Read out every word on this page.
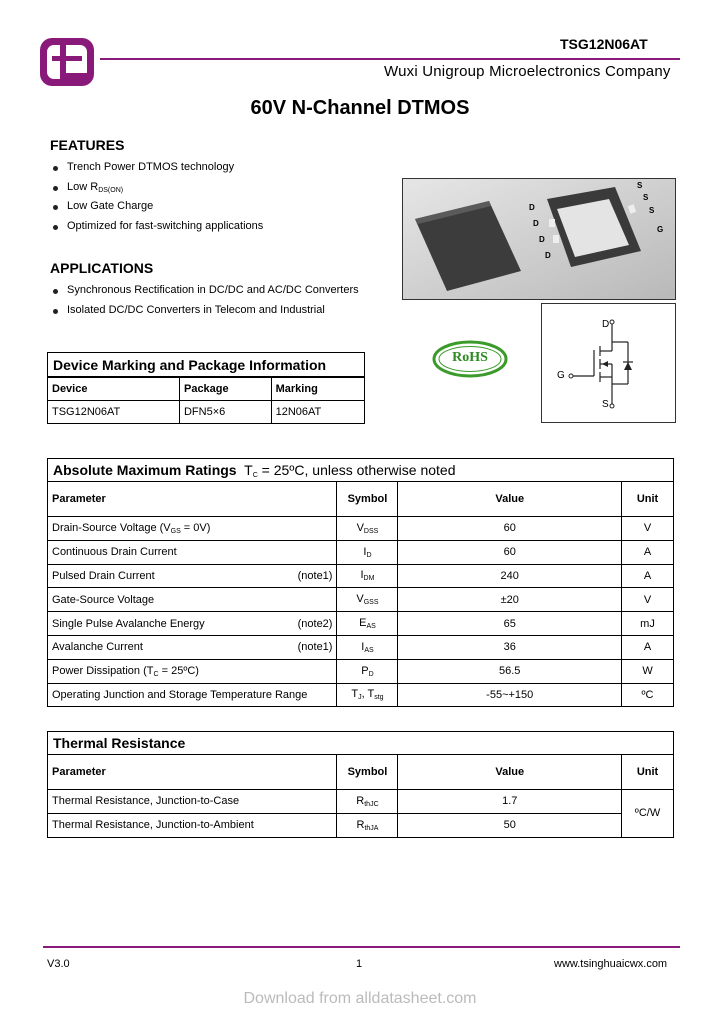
TSG12N06AT
Wuxi Unigroup Microelectronics Company
60V N-Channel DTMOS
FEATURES
Trench Power DTMOS technology
Low $R_{DS(ON)}$
Low Gate Charge
Optimized for fast-switching applications
APPLICATIONS
Synchronous Rectification in DC/DC and AC/DC Converters
Isolated DC/DC Converters in Telecom and Industrial
S
S
S
G
D
D
D
D
RoHS
D
G
S
Device Marking and Package Information		
Device	Package	Marking
TSG12N06AT	DFN5×6	12N06AT
Absolute Maximum Ratings $T_C$ = 25ºC, unless otherwise noted			
Parameter	Symbol	Value	Unit
Drain-Source Voltage $(V_{GS} = 0V)$	$V_{DSS}$	60	V
Continuous Drain Current	$I_D$	60	A
Pulsed Drain Current (note1)	$I_{DM}$	240	A
Gate-Source Voltage	$V_{GSS}$	±20	V
Single Pulse Avalanche Energy (note2)	$E_{AS}$	65	mJ
Avalanche Current (note1)	$I_{AS}$	36	A
Power Dissipation ($T_C$ = 25ºC)	$P_D$	56.5	W
Operating Junction and Storage Temperature Range	$T_J$, $T_{stg}$	-55~+150	ºC
Thermal Resistance			
Parameter	Symbol	Value	Unit
Thermal Resistance, Junction-to-Case	$R_{thJC}$	1.7	ºC/W
Thermal Resistance, Junction-to-Ambient	$R_{thJA}$	50	
V3.0	1	www.tsinghuaicwx.com
Download from alldatasheet.com
